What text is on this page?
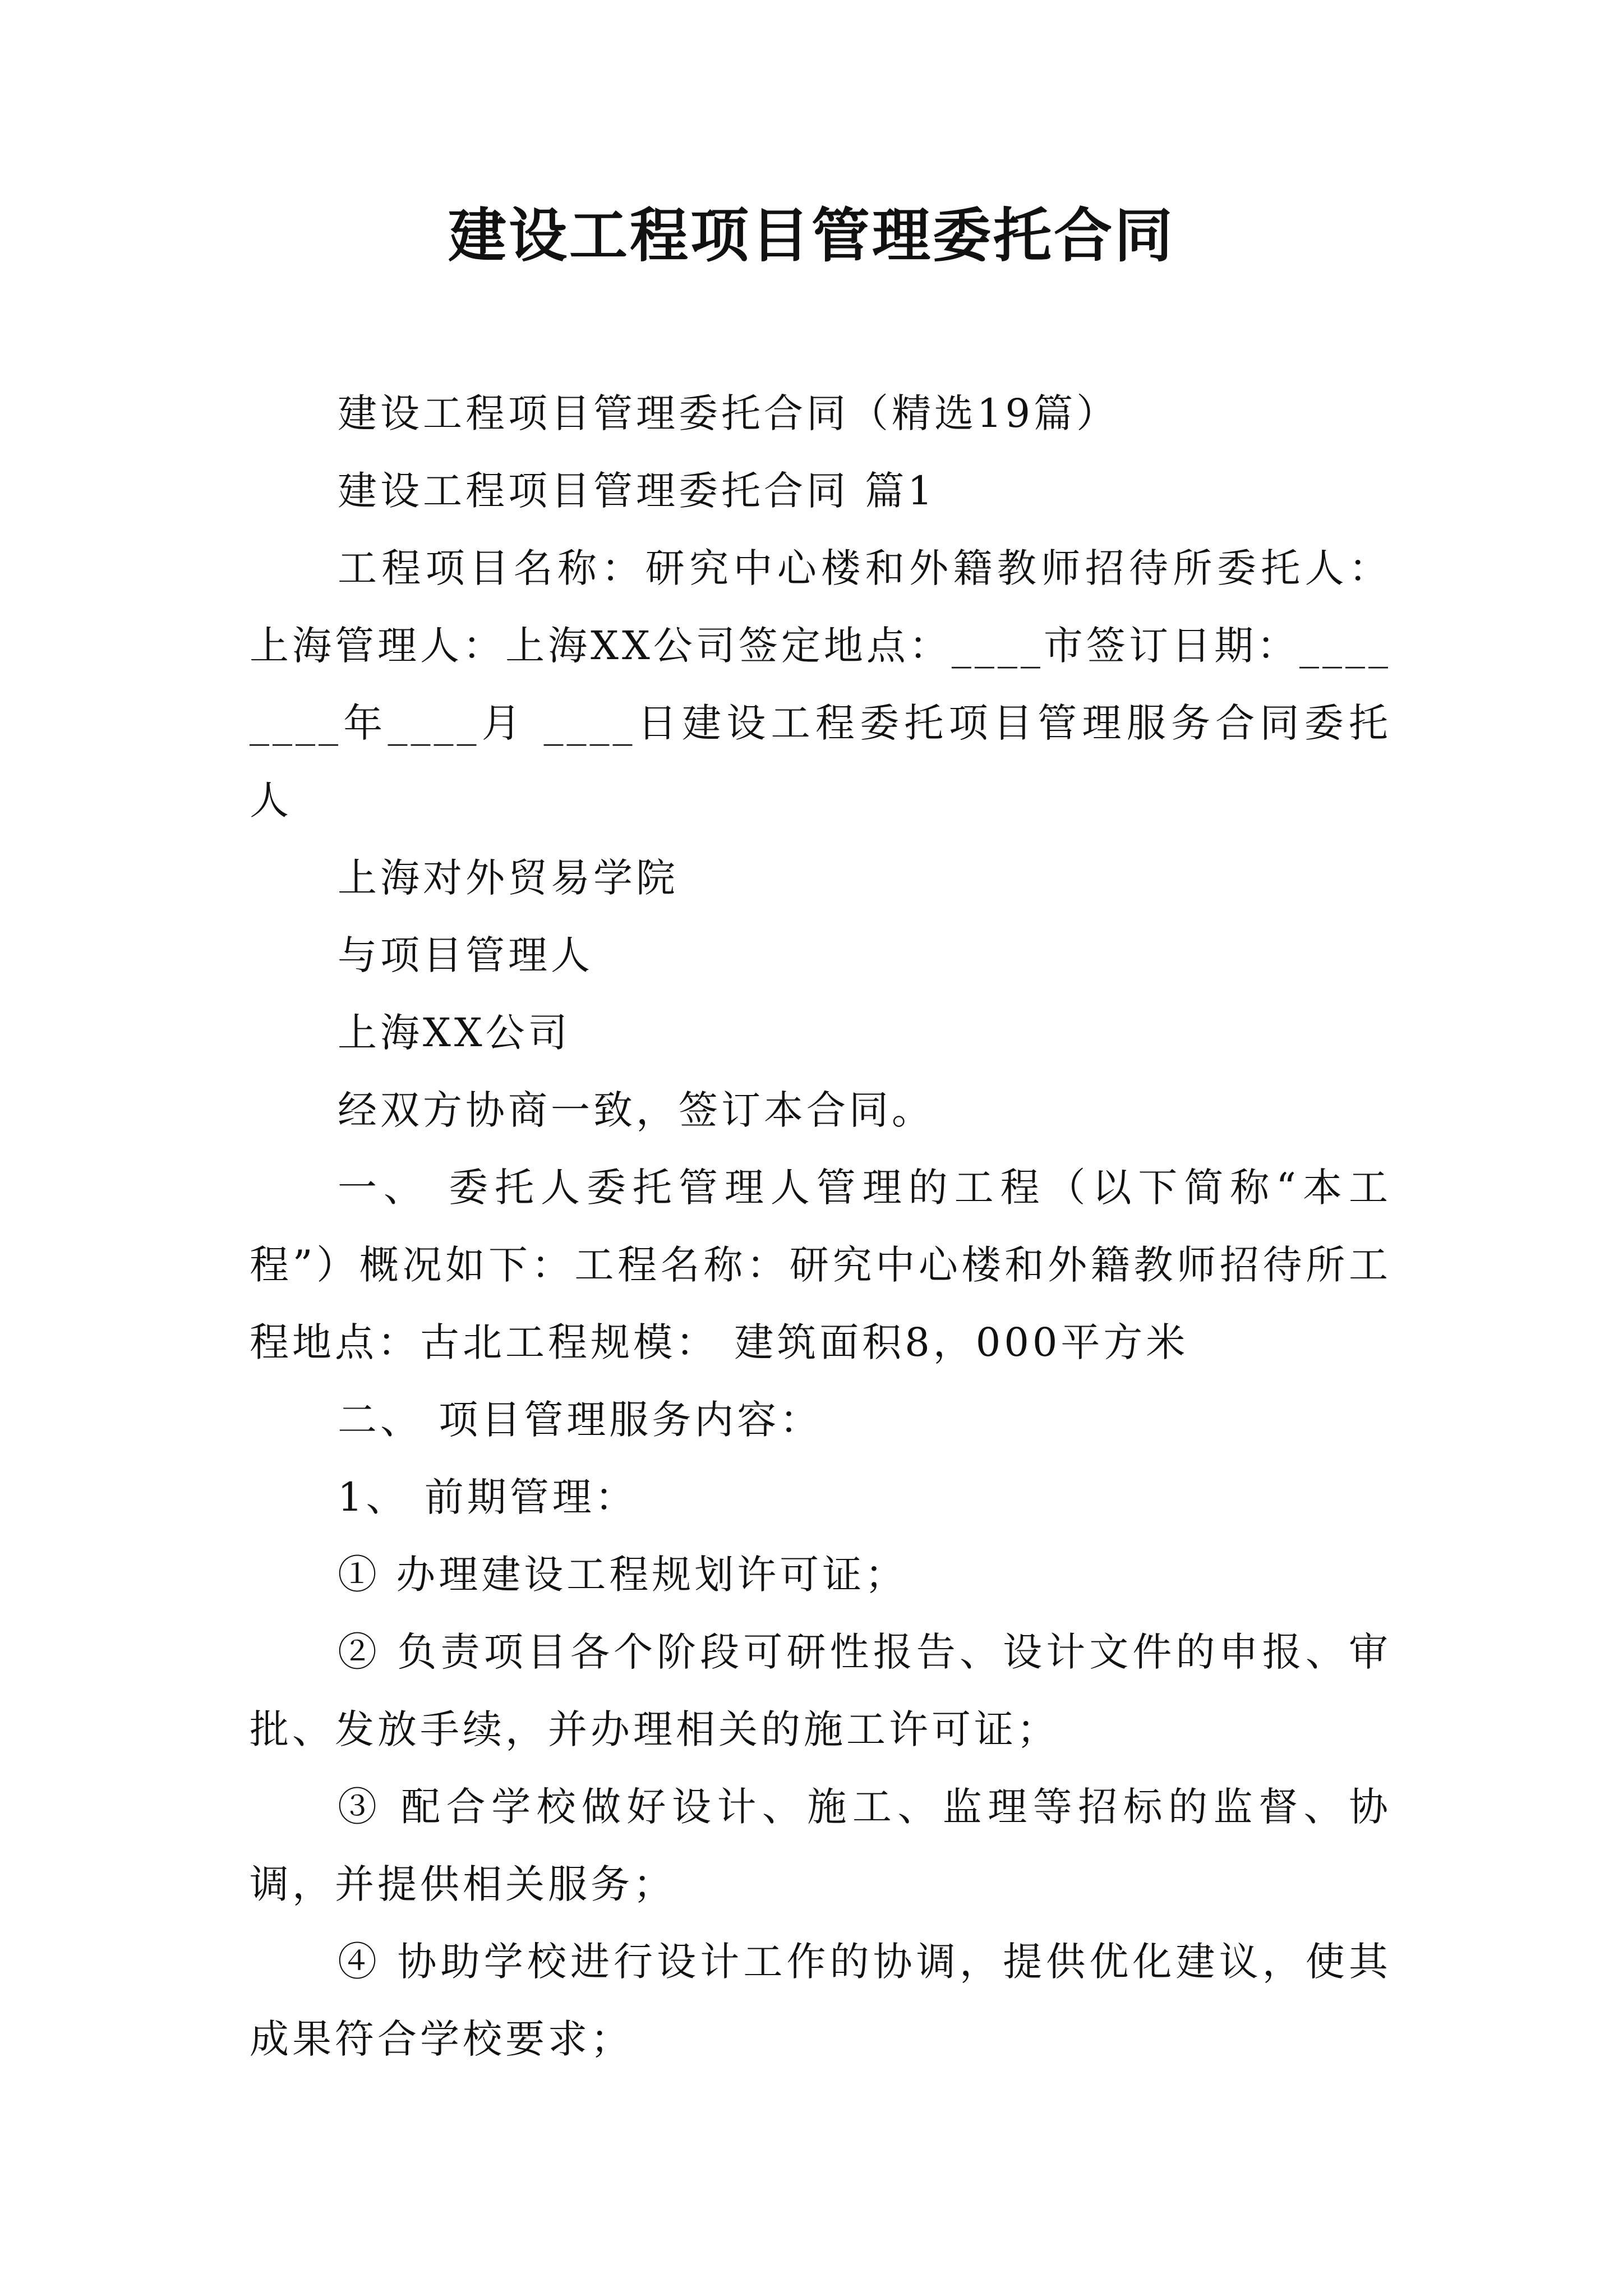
建设工程项目管理委托合同

建设工程项目管理委托合同（精选19篇）

建设工程项目管理委托合同 篇1

工程项目名称：研究中心楼和外籍教师招待所委托人：上海管理人：上海XX公司签定地点：____市签订日期：________年____月 ____日建设工程委托项目管理服务合同委托人

上海对外贸易学院

与项目管理人

上海XX公司

经双方协商一致，签订本合同。

一、 委托人委托管理人管理的工程（以下简称“本工程”）概况如下：工程名称：研究中心楼和外籍教师招待所工程地点：古北工程规模： 建筑面积8，000平方米

二、 项目管理服务内容：

1、 前期管理：

① 办理建设工程规划许可证；

② 负责项目各个阶段可研性报告、设计文件的申报、审批、发放手续，并办理相关的施工许可证；

③ 配合学校做好设计、施工、监理等招标的监督、协调，并提供相关服务；

④ 协助学校进行设计工作的协调，提供优化建议，使其成果符合学校要求；
